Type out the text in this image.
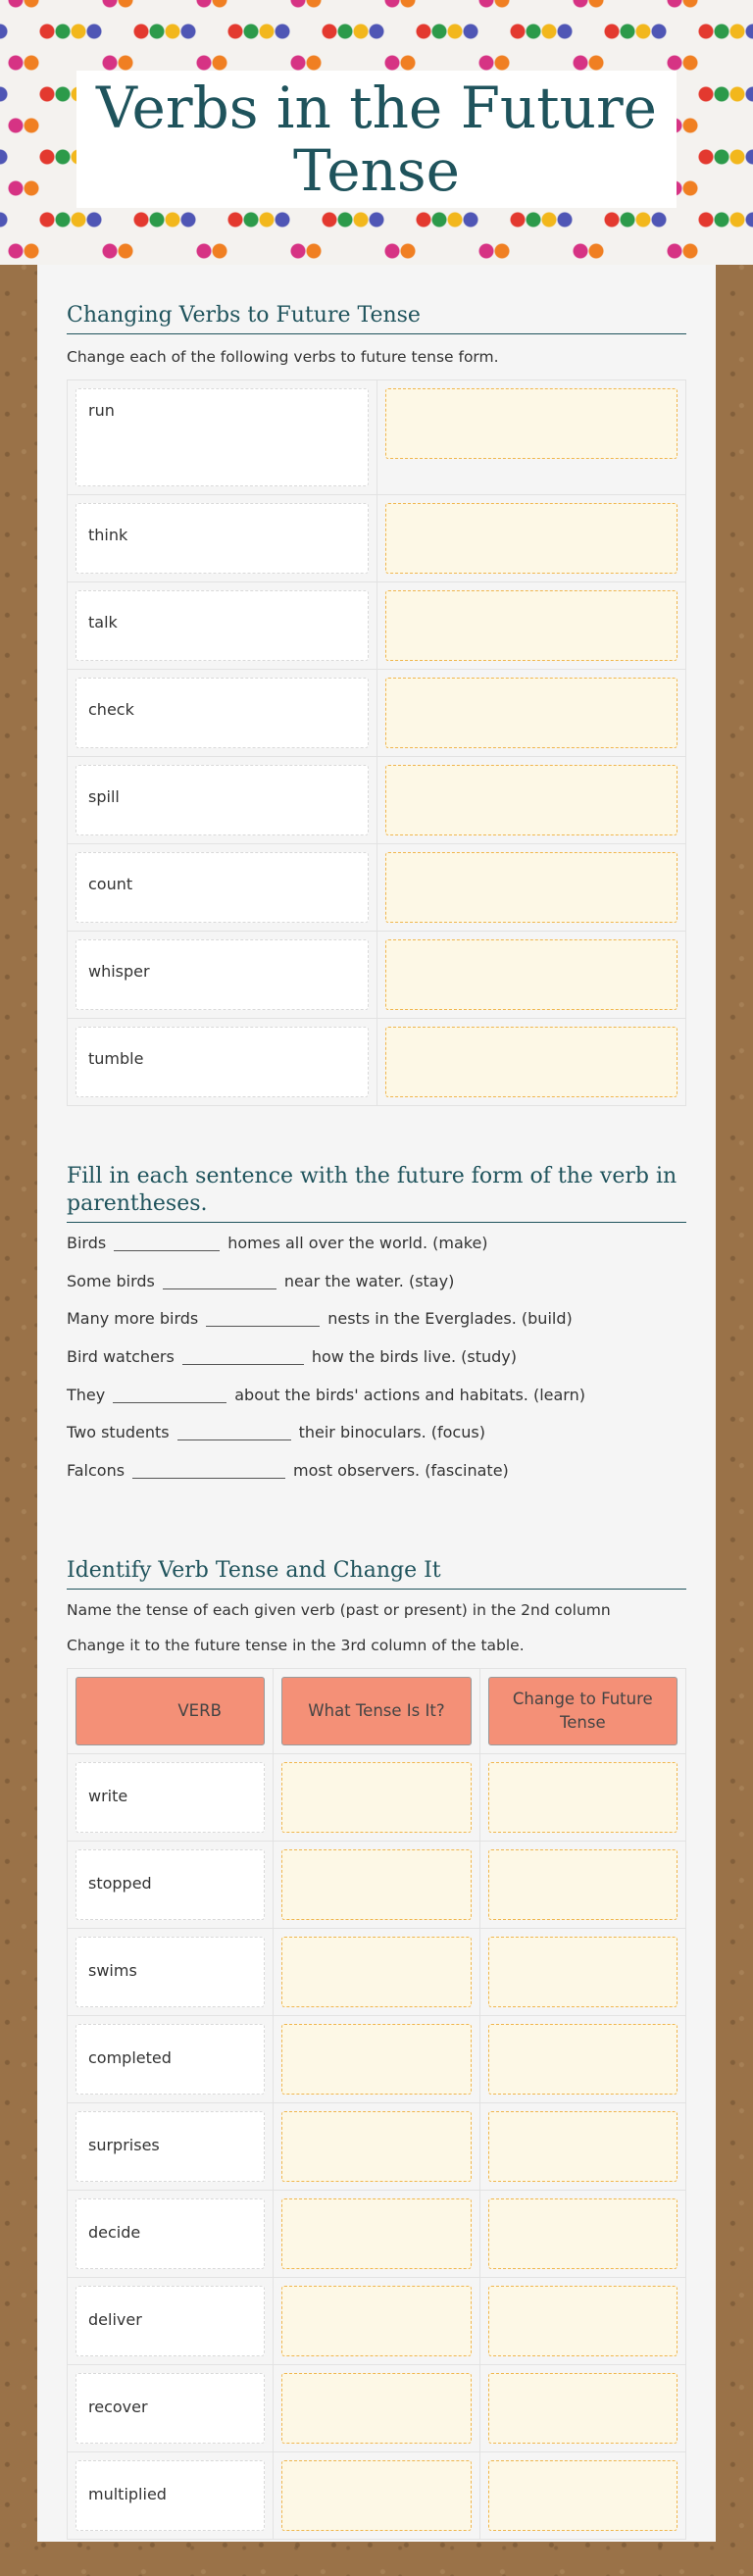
Verbs in the Future Tense
Changing Verbs to Future Tense
Change each of the following verbs to future tense form.
run	

think	

talk	

check	

spill	

count	

whisper	

tumble	

Fill in each sentence with the future form of the verb in parentheses.
Birds	homes all over the world. (make)
Some birds	near the water. (stay)
Many more birds	nests in the Everglades. (build)
Bird watchers	how the birds live. (study)
They	about the birds' actions and habitats. (learn)
Two students	their binoculars. (focus)
Falcons	most observers. (fascinate)
Identify Verb Tense and Change It
Name the tense of each given verb (past or present) in the 2nd column
Change it to the future tense in the 3rd column of the table.
VERB	What Tense Is It?	Change to Future Tense

write		

stopped		

swims		

completed		

surprises		

decide		

deliver		

recover		

multiplied		
